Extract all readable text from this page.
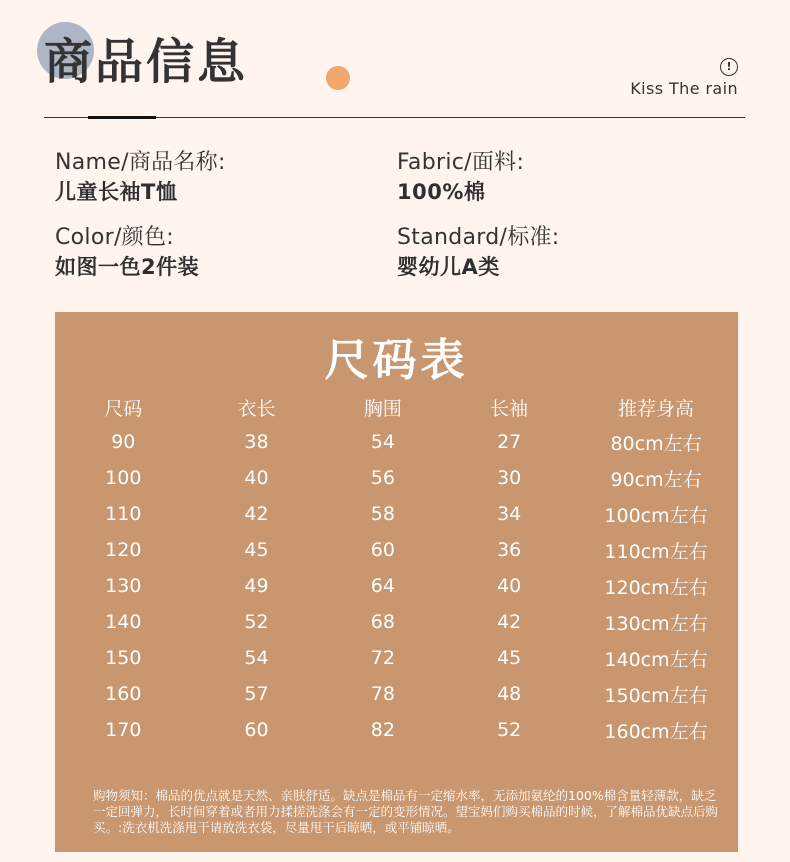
商品信息	!
Kiss The rain
Name/商品名称:
儿童长袖T恤
Fabric/面料:
100%棉
Color/颜色:
如图一色2件装
Standard/标准:
婴幼儿A类
尺码表
尺码	衣长	胸围	长袖	推荐身高
90	38	54	27	80cm左右
100	40	56	30	90cm左右
110	42	58	34	100cm左右
120	45	60	36	110cm左右
130	49	64	40	120cm左右
140	52	68	42	130cm左右
150	54	72	45	140cm左右
160	57	78	48	150cm左右
170	60	82	52	160cm左右
购物须知：棉品的优点就是天然、亲肤舒适。缺点是棉品有一定缩水率，无添加氨纶的100%棉含量轻薄款，缺乏一定回弹力，长时间穿着或者用力揉搓洗涤会有一定的变形情况。望宝妈们购买棉品的时候，了解棉品优缺点后购买。:洗衣机洗涤甩干请放洗衣袋，尽量甩干后晾晒，或平铺晾晒。
